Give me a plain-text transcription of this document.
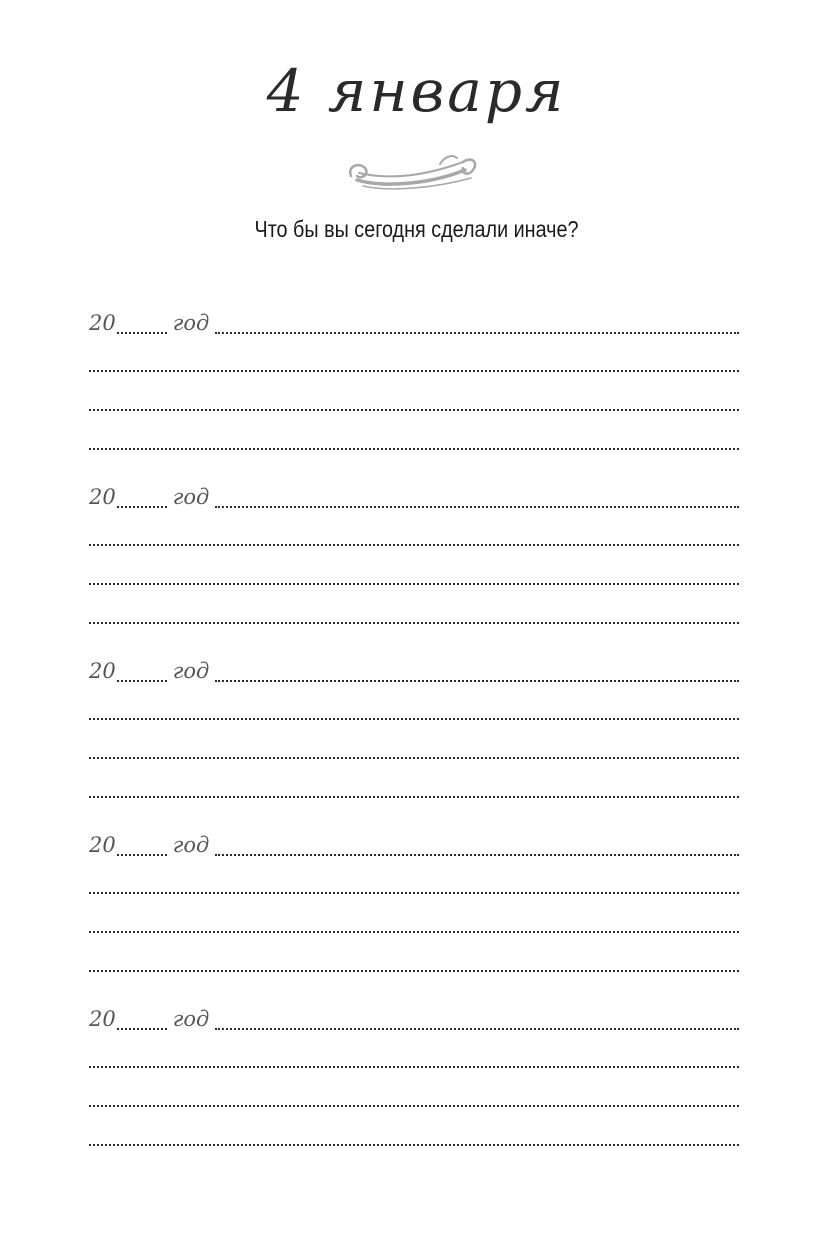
4 января
Что бы вы сегодня сделали иначе?
20	год
20	год
20	год
20	год
20	год
